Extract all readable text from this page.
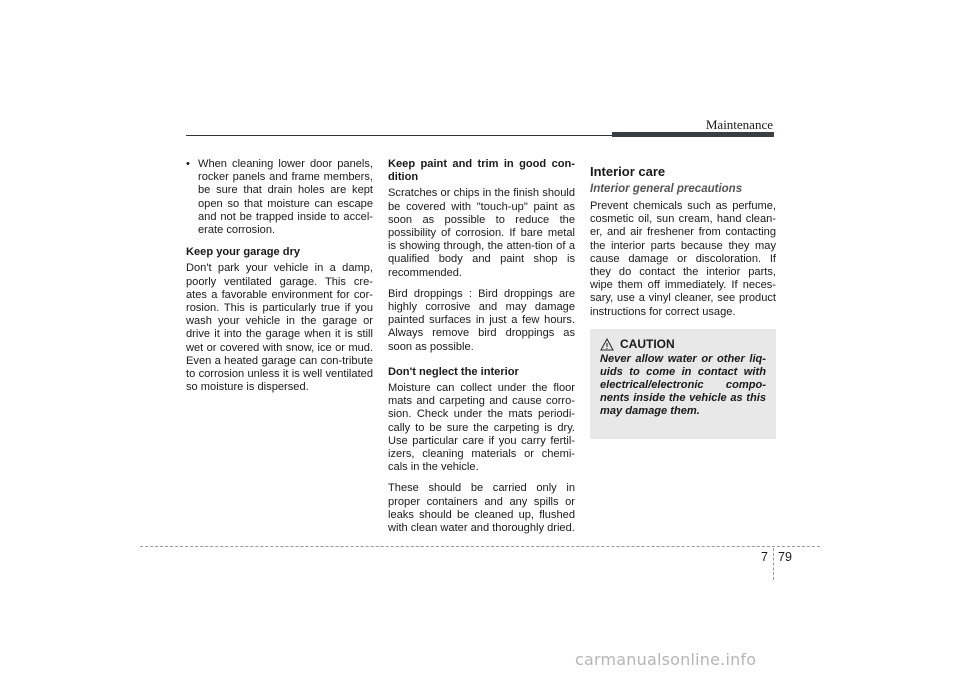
Maintenance
• When cleaning lower door panels, rocker panels and frame members, be sure that drain holes are kept open so that moisture can escape and not be trapped inside to accel-erate corrosion.
Keep your garage dry

Don't park your vehicle in a damp, poorly ventilated garage. This cre-ates a favorable environment for cor-rosion. This is particularly true if you wash your vehicle in the garage or drive it into the garage when it is still wet or covered with snow, ice or mud. Even a heated garage can con-tribute to corrosion unless it is well ventilated so moisture is dispersed.

Keep paint and trim in good con-dition

Scratches or chips in the finish should be covered with "touch-up" paint as soon as possible to reduce the possibility of corrosion. If bare metal is showing through, the atten-tion of a qualified body and paint shop is recommended.

Bird droppings : Bird droppings are highly corrosive and may damage painted surfaces in just a few hours. Always remove bird droppings as soon as possible.

Don't neglect the interior

Moisture can collect under the floor mats and carpeting and cause corro-sion. Check under the mats periodi-cally to be sure the carpeting is dry. Use particular care if you carry fertil-izers, cleaning materials or chemi-cals in the vehicle.

These should be carried only in proper containers and any spills or leaks should be cleaned up, flushed with clean water and thoroughly dried.

Interior care
Interior general precautions

Prevent chemicals such as perfume, cosmetic oil, sun cream, hand clean-er, and air freshener from contacting the interior parts because they may cause damage or discoloration. If they do contact the interior parts, wipe them off immediately. If neces-sary, use a vinyl cleaner, see product instructions for correct usage.

CAUTION

Never allow water or other liq-uids to come in contact with electrical/electronic compo-nents inside the vehicle as this may damage them.

7 79
carmanualsonline.info
